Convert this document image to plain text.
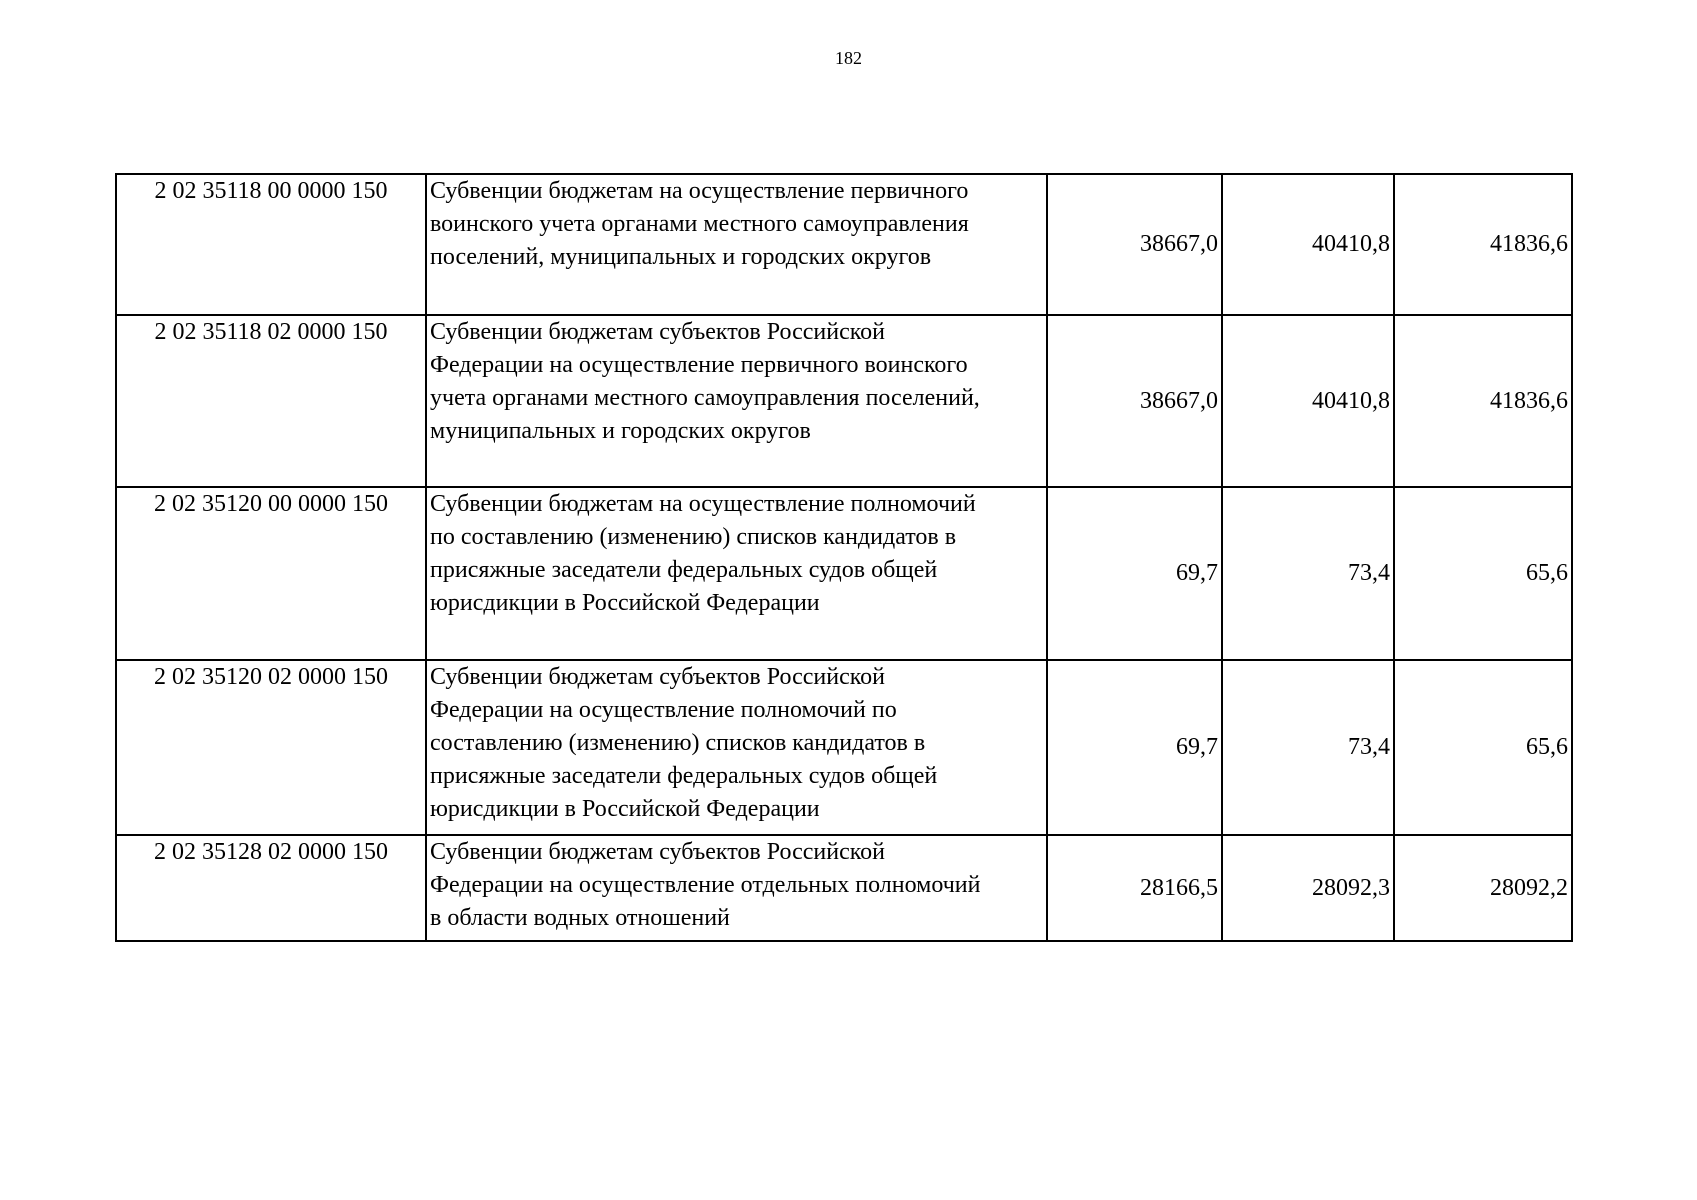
182
2 02 35118 00 0000 150	Субвенции бюджетам на осуществление первичного
воинского учета органами местного самоуправления
поселений, муниципальных и городских округов	38667,0	40410,8	41836,6
2 02 35118 02 0000 150	Субвенции бюджетам субъектов Российской
Федерации на осуществление первичного воинского
учета органами местного самоуправления поселений,
муниципальных и городских округов	38667,0	40410,8	41836,6
2 02 35120 00 0000 150	Субвенции бюджетам на осуществление полномочий
по составлению (изменению) списков кандидатов в
присяжные заседатели федеральных судов общей
юрисдикции в Российской Федерации	69,7	73,4	65,6
2 02 35120 02 0000 150	Субвенции бюджетам субъектов Российской
Федерации на осуществление полномочий по
составлению (изменению) списков кандидатов в
присяжные заседатели федеральных судов общей
юрисдикции в Российской Федерации	69,7	73,4	65,6
2 02 35128 02 0000 150	Субвенции бюджетам субъектов Российской
Федерации на осуществление отдельных полномочий
в области водных отношений	28166,5	28092,3	28092,2
